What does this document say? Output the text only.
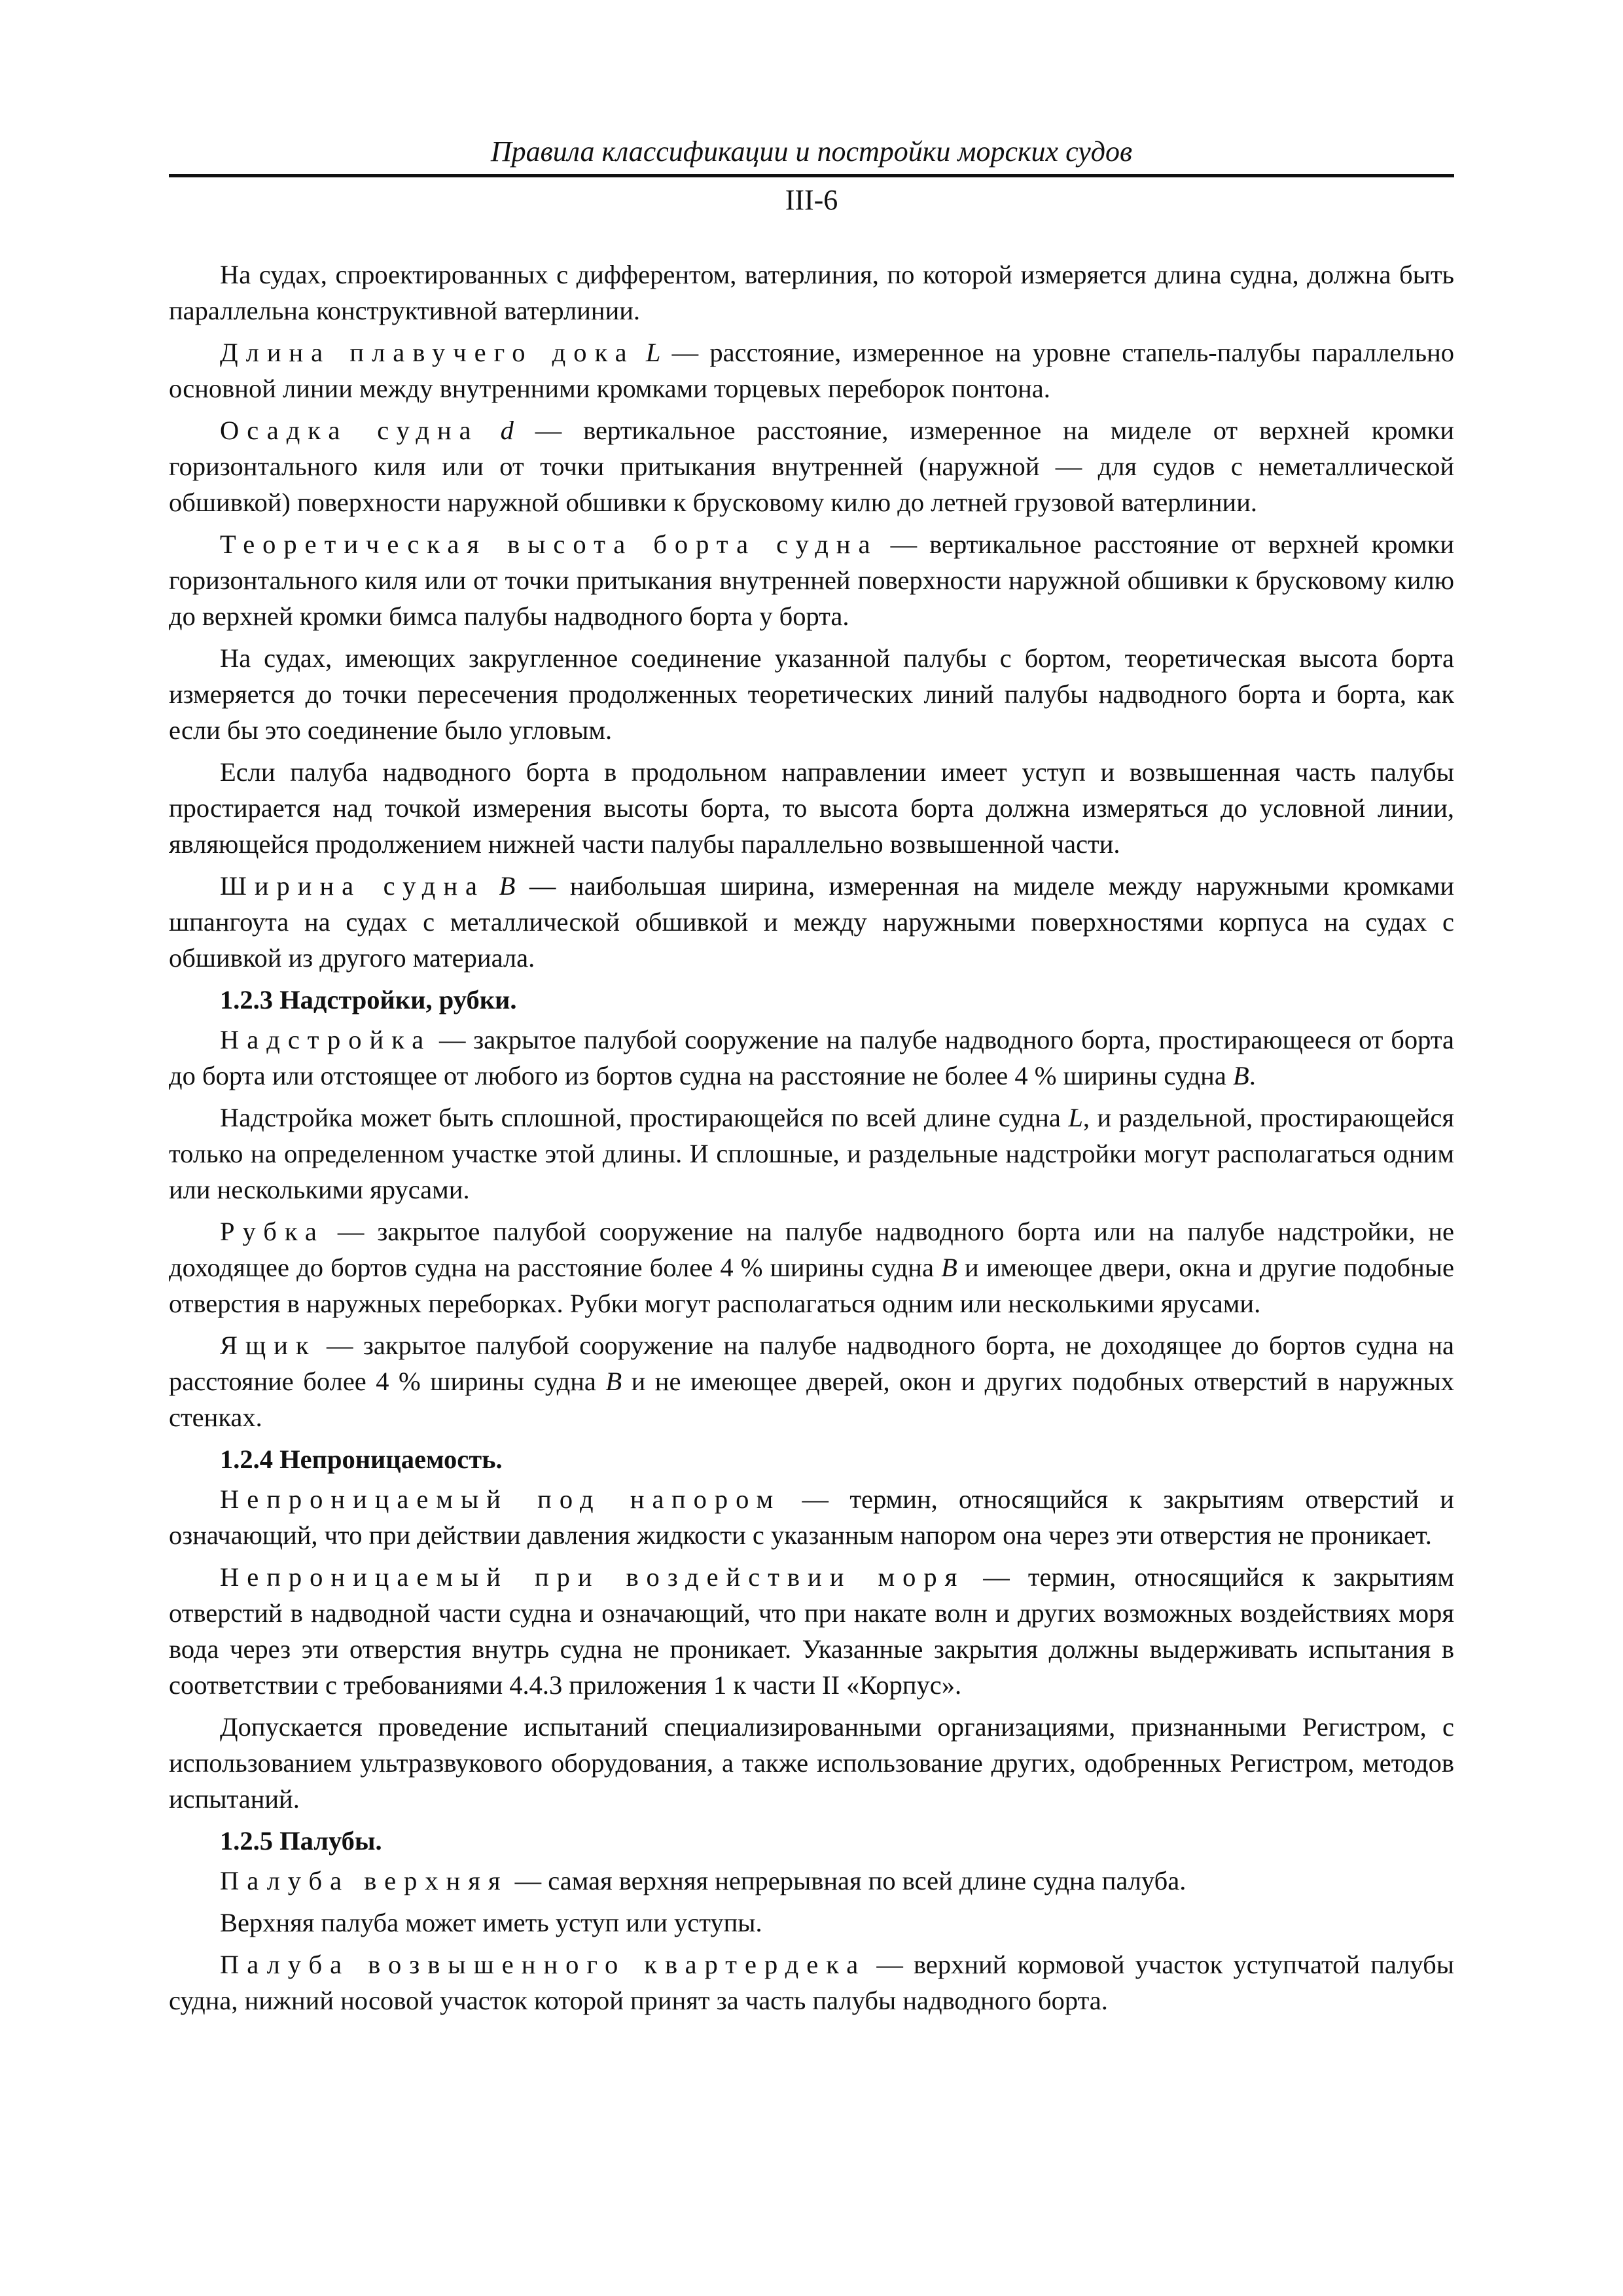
Правила классификации и постройки морских судов
III-6

На судах, спроектированных с дифферентом, ватерлиния, по которой измеряется длина судна, должна быть параллельна конструктивной ватерлинии.

Длина плавучего дока L — расстояние, измеренное на уровне стапель-палубы параллельно основной линии между внутренними кромками торцевых переборок понтона.

Осадка судна d — вертикальное расстояние, измеренное на миделе от верхней кромки горизонтального киля или от точки притыкания внутренней (наружной — для судов с неметаллической обшивкой) поверхности наружной обшивки к брусковому килю до летней грузовой ватерлинии.

Теоретическая высота борта судна — вертикальное расстояние от верхней кромки горизонтального киля или от точки притыкания внутренней поверхности наружной обшивки к брусковому килю до верхней кромки бимса палубы надводного борта у борта.

На судах, имеющих закругленное соединение указанной палубы с бортом, теоретическая высота борта измеряется до точки пересечения продолженных теоретических линий палубы надводного борта и борта, как если бы это соединение было угловым.

Если палуба надводного борта в продольном направлении имеет уступ и возвышенная часть палубы простирается над точкой измерения высоты борта, то высота борта должна измеряться до условной линии, являющейся продолжением нижней части палубы параллельно возвышенной части.

Ширина судна B — наибольшая ширина, измеренная на миделе между наружными кромками шпангоута на судах с металлической обшивкой и между наружными поверхностями корпуса на судах с обшивкой из другого материала.

1.2.3 Надстройки, рубки.

Надстройка — закрытое палубой сооружение на палубе надводного борта, простирающееся от борта до борта или отстоящее от любого из бортов судна на расстояние не более 4 % ширины судна B.

Надстройка может быть сплошной, простирающейся по всей длине судна L, и раздельной, простирающейся только на определенном участке этой длины. И сплошные, и раздельные надстройки могут располагаться одним или несколькими ярусами.

Рубка — закрытое палубой сооружение на палубе надводного борта или на палубе надстройки, не доходящее до бортов судна на расстояние более 4 % ширины судна B и имеющее двери, окна и другие подобные отверстия в наружных переборках. Рубки могут располагаться одним или несколькими ярусами.

Ящик — закрытое палубой сооружение на палубе надводного борта, не доходящее до бортов судна на расстояние более 4 % ширины судна B и не имеющее дверей, окон и других подобных отверстий в наружных стенках.

1.2.4 Непроницаемость.

Непроницаемый под напором — термин, относящийся к закрытиям отверстий и означающий, что при действии давления жидкости с указанным напором она через эти отверстия не проникает.

Непроницаемый при воздействии моря — термин, относящийся к закрытиям отверстий в надводной части судна и означающий, что при накате волн и других возможных воздействиях моря вода через эти отверстия внутрь судна не проникает. Указанные закрытия должны выдерживать испытания в соответствии с требованиями 4.4.3 приложения 1 к части II «Корпус».

Допускается проведение испытаний специализированными организациями, признанными Регистром, с использованием ультразвукового оборудования, а также использование других, одобренных Регистром, методов испытаний.

1.2.5 Палубы.

Палуба верхняя — самая верхняя непрерывная по всей длине судна палуба.

Верхняя палуба может иметь уступ или уступы.

Палуба возвышенного квартердека — верхний кормовой участок уступчатой палубы судна, нижний носовой участок которой принят за часть палубы надводного борта.
